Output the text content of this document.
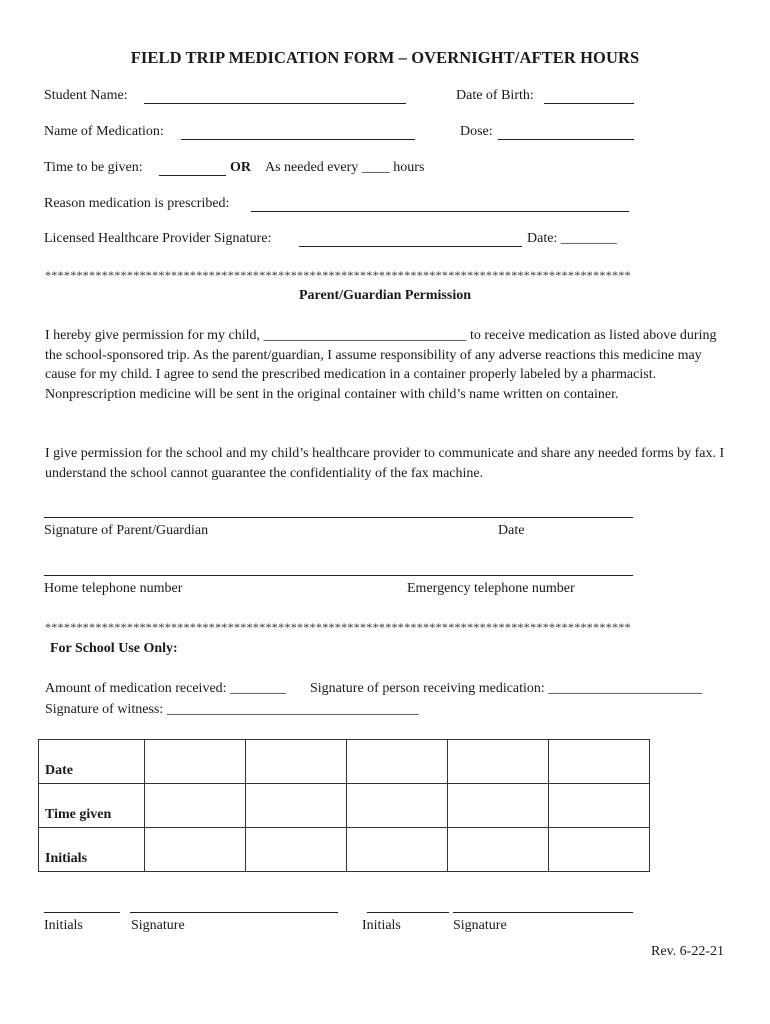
FIELD TRIP MEDICATION FORM – OVERNIGHT/AFTER HOURS
Student Name:	Date of Birth:
Name of Medication:	Dose:
Time to be given:	OR As needed every ____ hours
Reason medication is prescribed:
Licensed Healthcare Provider Signature:	Date: ________
*********************************************************************************************
Parent/Guardian Permission
I hereby give permission for my child, _____________________________ to receive medication as listed above during the school-sponsored trip. As the parent/guardian, I assume responsibility of any adverse reactions this medicine may cause for my child. I agree to send the prescribed medication in a container properly labeled by a pharmacist. Nonprescription medicine will be sent in the original container with child’s name written on container.
I give permission for the school and my child’s healthcare provider to communicate and share any needed forms by fax. I understand the school cannot guarantee the confidentiality of the fax machine.
Signature of Parent/Guardian	Date
Home telephone number	Emergency telephone number
*********************************************************************************************
For School Use Only:
Amount of medication received: ________ Signature of person receiving medication: ______________________
Signature of witness: ____________________________________
Date					
Time given					
Initials					
Initials	Signature	Initials	Signature
Rev. 6-22-21
